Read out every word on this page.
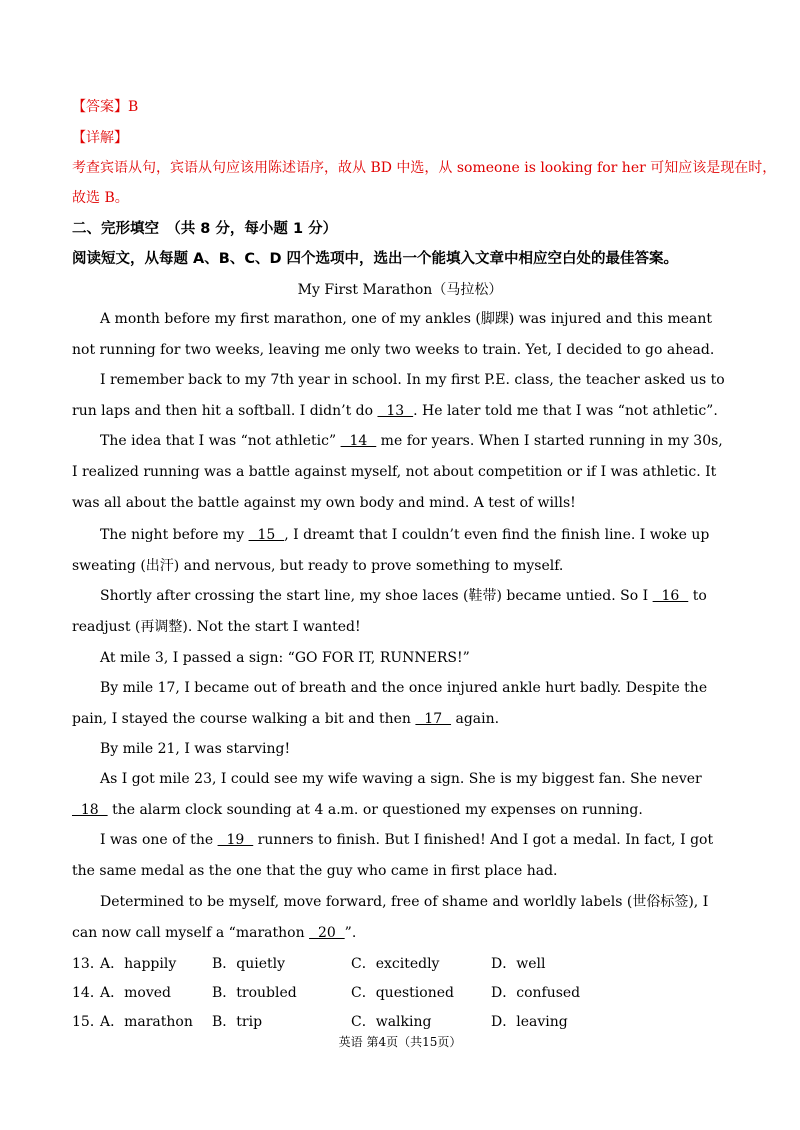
【答案】B
【详解】
考查宾语从句，宾语从句应该用陈述语序，故从 BD 中选，从 someone is looking for her 可知应该是现在时，
故选 B。
二、完形填空　（共 8 分，每小题 1 分）
阅读短文，从每题 A、B、C、D 四个选项中，选出一个能填入文章中相应空白处的最佳答案。
My First Marathon（马拉松）
A month before my first marathon, one of my ankles (脚踝) was injured and this meant not running for two weeks, leaving me only two weeks to train. Yet, I decided to go ahead.
I remember back to my 7th year in school. In my first P.E. class, the teacher asked us to run laps and then hit a softball. I didn’t do   13  . He later told me that I was “not athletic”.
The idea that I was “not athletic”   14   me for years. When I started running in my 30s, I realized running was a battle against myself, not about competition or if I was athletic. It was all about the battle against my own body and mind. A test of wills!
The night before my   15  , I dreamt that I couldn’t even find the finish line. I woke up sweating (出汗) and nervous, but ready to prove something to myself.
Shortly after crossing the start line, my shoe laces (鞋带) became untied. So I   16   to readjust (再调整). Not the start I wanted!
At mile 3, I passed a sign: “GO FOR IT, RUNNERS!”
By mile 17, I became out of breath and the once injured ankle hurt badly. Despite the pain, I stayed the course walking a bit and then   17   again.
By mile 21, I was starving!
As I got mile 23, I could see my wife waving a sign. She is my biggest fan. She never   18   the alarm clock sounding at 4 a.m. or questioned my expenses on running.
I was one of the   19   runners to finish. But I finished! And I got a medal. In fact, I got the same medal as the one that the guy who came in first place had.
Determined to be myself, move forward, free of shame and worldly labels (世俗标签), I can now call myself a “marathon   20  ”.
13．
A．happily	B．quietly	C．excitedly	D．well
14．
A．moved	B．troubled	C．questioned	D．confused
15．
A．marathon B．trip	C．walking	D．leaving
英语 第4页（共15页）
